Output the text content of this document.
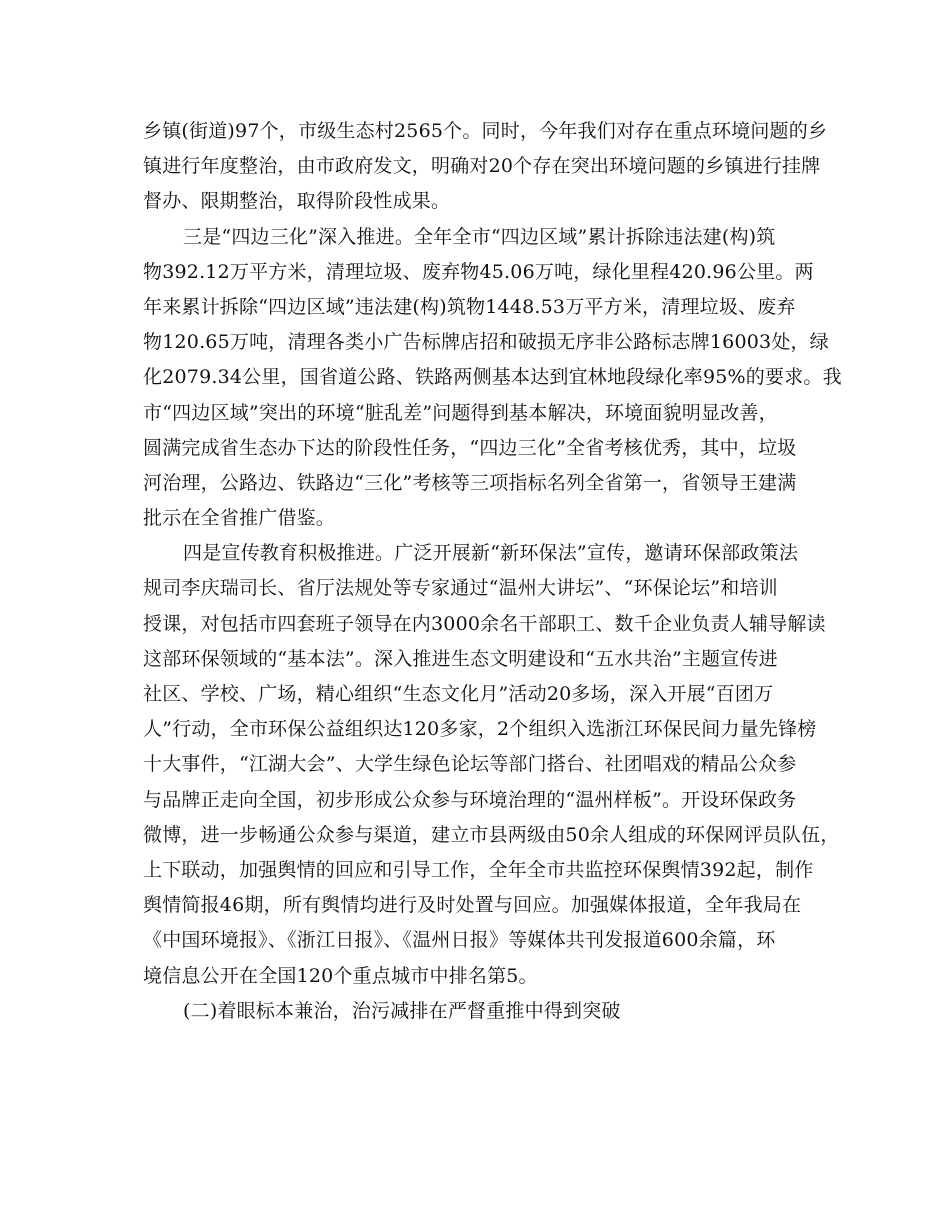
乡镇(街道)97个，市级生态村2565个。同时，今年我们对存在重点环境问题的乡
镇进行年度整治，由市政府发文，明确对20个存在突出环境问题的乡镇进行挂牌
督办、限期整治，取得阶段性成果。
三是“四边三化”深入推进。全年全市“四边区域”累计拆除违法建(构)筑
物392.12万平方米，清理垃圾、废弃物45.06万吨，绿化里程420.96公里。两
年来累计拆除“四边区域”违法建(构)筑物1448.53万平方米，清理垃圾、废弃
物120.65万吨，清理各类小广告标牌店招和破损无序非公路标志牌16003处，绿
化2079.34公里，国省道公路、铁路两侧基本达到宜林地段绿化率95%的要求。我
市“四边区域”突出的环境“脏乱差”问题得到基本解决，环境面貌明显改善，
圆满完成省生态办下达的阶段性任务，“四边三化”全省考核优秀，其中，垃圾
河治理，公路边、铁路边“三化”考核等三项指标名列全省第一，省领导王建满
批示在全省推广借鉴。
四是宣传教育积极推进。广泛开展新“新环保法”宣传，邀请环保部政策法
规司李庆瑞司长、省厅法规处等专家通过“温州大讲坛”、“环保论坛”和培训
授课，对包括市四套班子领导在内3000余名干部职工、数千企业负责人辅导解读
这部环保领域的“基本法”。深入推进生态文明建设和“五水共治”主题宣传进
社区、学校、广场，精心组织“生态文化月”活动20多场，深入开展“百团万
人”行动，全市环保公益组织达120多家，2个组织入选浙江环保民间力量先锋榜
十大事件，“江湖大会”、大学生绿色论坛等部门搭台、社团唱戏的精品公众参
与品牌正走向全国，初步形成公众参与环境治理的“温州样板”。开设环保政务
微博，进一步畅通公众参与渠道，建立市县两级由50余人组成的环保网评员队伍，
上下联动，加强舆情的回应和引导工作，全年全市共监控环保舆情392起，制作
舆情简报46期，所有舆情均进行及时处置与回应。加强媒体报道，全年我局在
《中国环境报》、《浙江日报》、《温州日报》等媒体共刊发报道600余篇，环
境信息公开在全国120个重点城市中排名第5。
(二)着眼标本兼治，治污减排在严督重推中得到突破
